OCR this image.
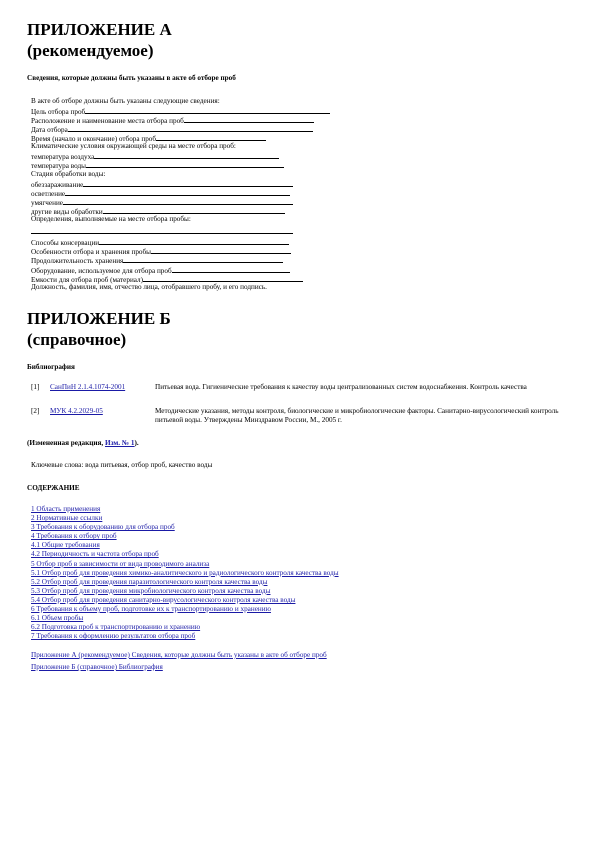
ПРИЛОЖЕНИЕ А
(рекомендуемое)
Сведения, которые должны быть указаны в акте об отборе проб
В акте об отборе должны быть указаны следующие сведения:
Цель отбора проб
Расположение и наименование места отбора проб
Дата отбора
Время (начало и окончание) отбора проб
Климатические условия окружающей среды на месте отбора проб:
температура воздуха
температура воды
Стадия обработки воды:
обеззараживание
осветление
умягчение
другие виды обработки
Определения, выполняемые на месте отбора пробы:
Способы консервации
Особенности отбора и хранения пробы
Продолжительность хранения
Оборудование, используемое для отбора проб
Емкости для отбора проб (материал)
Должность, фамилия, имя, отчество лица, отобравшего пробу, и его подпись.
ПРИЛОЖЕНИЕ Б
(справочное)
Библиография
[1] СанПиН 2.1.4.1074-2001	Питьевая вода. Гигиенические требования к качеству воды централизованных систем водоснабжения. Контроль качества
[2] МУК 4.2.2029-05	Методические указания, методы контроля, биологические и микробиологические факторы. Санитарно-вирусологический контроль питьевой воды. Утверждены Минздравом России, М., 2005 г.
(Измененная редакция, Изм. № 1).
Ключевые слова: вода питьевая, отбор проб, качество воды
СОДЕРЖАНИЕ
1 Область применения
2 Нормативные ссылки
3 Требования к оборудованию для отбора проб
4 Требования к отбору проб
4.1 Общие требования
4.2 Периодичность и частота отбора проб
5 Отбор проб в зависимости от вида проводимого анализа
5.1 Отбор проб для проведения химико-аналитического и радиологического контроля качества воды
5.2 Отбор проб для проведения паразитологического контроля качества воды
5.3 Отбор проб для проведения микробиологического контроля качества воды
5.4 Отбор проб для проведения санитарно-вирусологического контроля качества воды
6 Требования к объему проб, подготовке их к транспортированию и хранению
6.1 Объем пробы
6.2 Подготовка проб к транспортированию и хранению
7 Требования к оформлению результатов отбора проб
Приложение А (рекомендуемое) Сведения, которые должны быть указаны в акте об отборе проб
Приложение Б (справочное) Библиография
